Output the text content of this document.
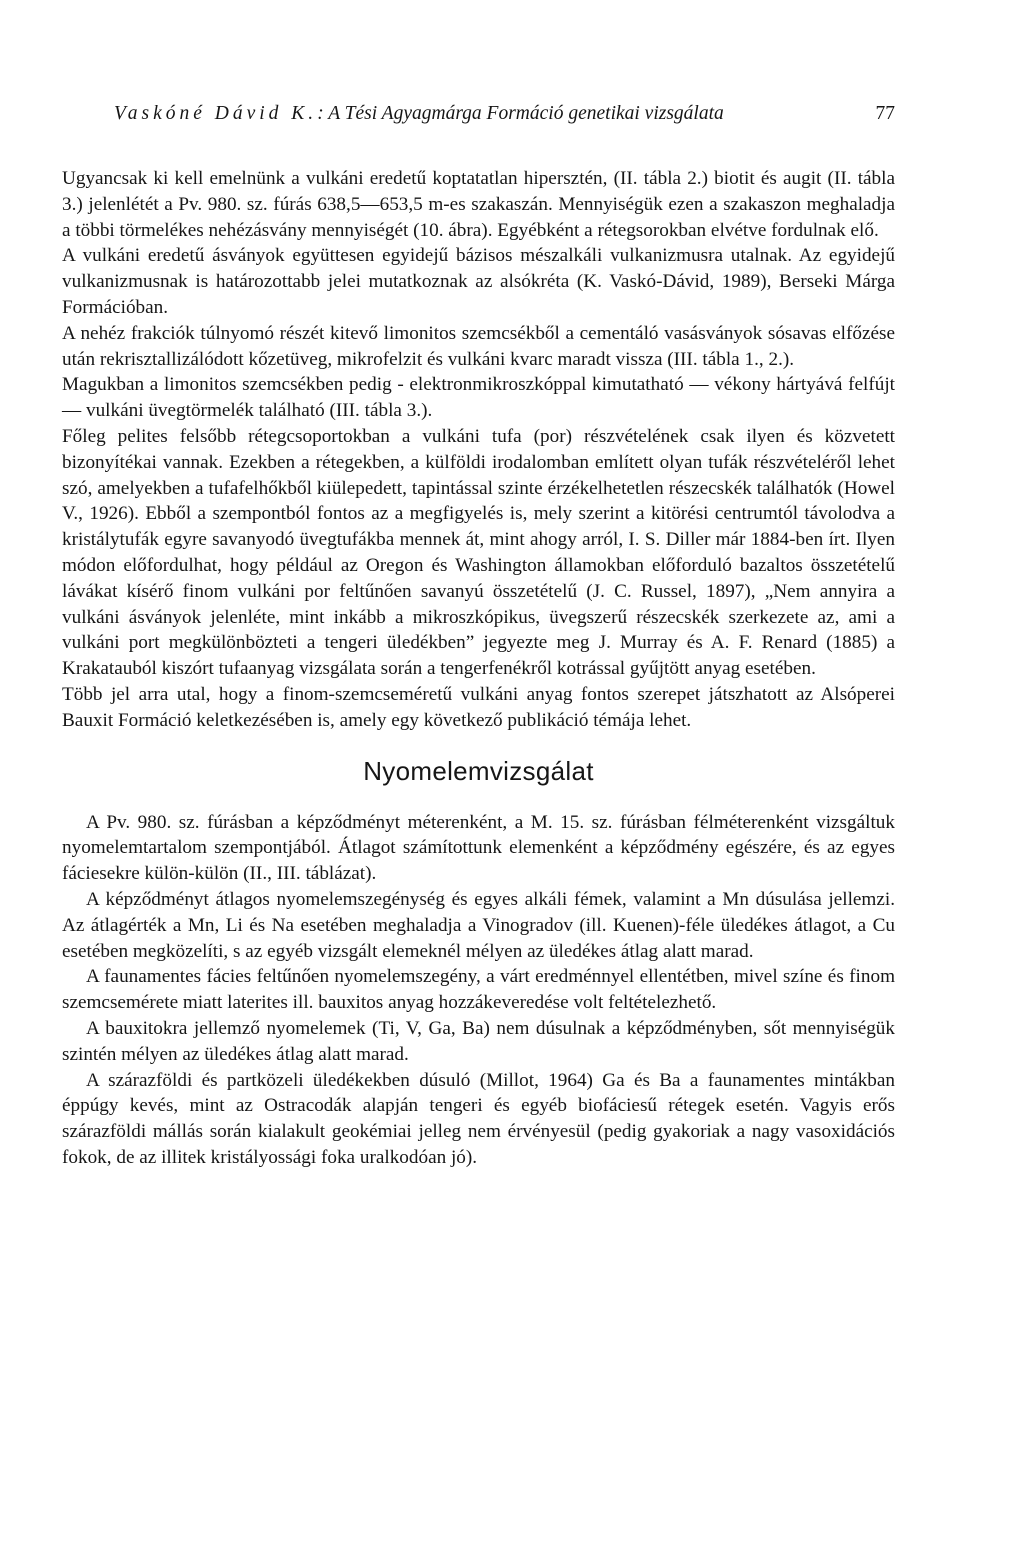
Vaskóné Dávid K.: A Tési Agyagmárga Formáció genetikai vizsgálata	77

Ugyancsak ki kell emelnünk a vulkáni eredetű koptatatlan hipersztén, (II. tábla 2.) biotit és augit (II. tábla 3.) jelenlétét a Pv. 980. sz. fúrás 638,5—653,5 m-es szakaszán. Mennyiségük ezen a szakaszon meghaladja a többi törmelékes nehézásvány mennyiségét (10. ábra). Egyébként a rétegsorokban elvétve fordulnak elő.

A vulkáni eredetű ásványok együttesen egyidejű bázisos mészalkáli vulkanizmusra utalnak. Az egyidejű vulkanizmusnak is határozottabb jelei mutatkoznak az alsókréta (K. Vaskó-Dávid, 1989), Berseki Márga Formációban.

A nehéz frakciók túlnyomó részét kitevő limonitos szemcsékből a cementáló vasásványok sósavas elfőzése után rekrisztallizálódott kőzetüveg, mikrofelzit és vulkáni kvarc maradt vissza (III. tábla 1., 2.).

Magukban a limonitos szemcsékben pedig - elektronmikroszkóppal kimutatható — vékony hártyává felfújt — vulkáni üvegtörmelék található (III. tábla 3.).

Főleg pelites felsőbb rétegcsoportokban a vulkáni tufa (por) részvételének csak ilyen és közvetett bizonyítékai vannak. Ezekben a rétegekben, a külföldi irodalomban említett olyan tufák részvételéről lehet szó, amelyekben a tufafelhőkből kiülepedett, tapintással szinte érzékelhetetlen részecskék találhatók (Howel V., 1926). Ebből a szempontból fontos az a megfigyelés is, mely szerint a kitörési centrumtól távolodva a kristálytufák egyre savanyodó üvegtufákba mennek át, mint ahogy arról, I. S. Diller már 1884-ben írt. Ilyen módon előfordulhat, hogy például az Oregon és Washington államokban előforduló bazaltos összetételű lávákat kísérő finom vulkáni por feltűnően savanyú összetételű (J. C. Russel, 1897), „Nem annyira a vulkáni ásványok jelenléte, mint inkább a mikroszkópikus, üvegszerű részecskék szerkezete az, ami a vulkáni port megkülönbözteti a tengeri üledékben” jegyezte meg J. Murray és A. F. Renard (1885) a Krakatauból kiszórt tufaanyag vizsgálata során a tengerfenékről kotrással gyűjtött anyag esetében.

Több jel arra utal, hogy a finom-szemcseméretű vulkáni anyag fontos szerepet játszhatott az Alsóperei Bauxit Formáció keletkezésében is, amely egy következő publikáció témája lehet.

Nyomelemvizsgálat

A Pv. 980. sz. fúrásban a képződményt méterenként, a M. 15. sz. fúrásban félméterenként vizsgáltuk nyomelemtartalom szempontjából. Átlagot számítottunk elemenként a képződmény egészére, és az egyes fáciesekre külön-külön (II., III. táblázat).

A képződményt átlagos nyomelemszegénység és egyes alkáli fémek, valamint a Mn dúsulása jellemzi. Az átlagérték a Mn, Li és Na esetében meghaladja a Vinogradov (ill. Kuenen)-féle üledékes átlagot, a Cu esetében megközelíti, s az egyéb vizsgált elemeknél mélyen az üledékes átlag alatt marad.

A faunamentes fácies feltűnően nyomelemszegény, a várt eredménnyel ellentétben, mivel színe és finom szemcsemérete miatt laterites ill. bauxitos anyag hozzákeveredése volt feltételezhető.

A bauxitokra jellemző nyomelemek (Ti, V, Ga, Ba) nem dúsulnak a képződményben, sőt mennyiségük szintén mélyen az üledékes átlag alatt marad.

A szárazföldi és partközeli üledékekben dúsuló (Millot, 1964) Ga és Ba a faunamentes mintákban éppúgy kevés, mint az Ostracodák alapján tengeri és egyéb biofáciesű rétegek esetén. Vagyis erős szárazföldi mállás során kialakult geokémiai jelleg nem érvényesül (pedig gyakoriak a nagy vasoxidációs fokok, de az illitek kristályossági foka uralkodóan jó).
